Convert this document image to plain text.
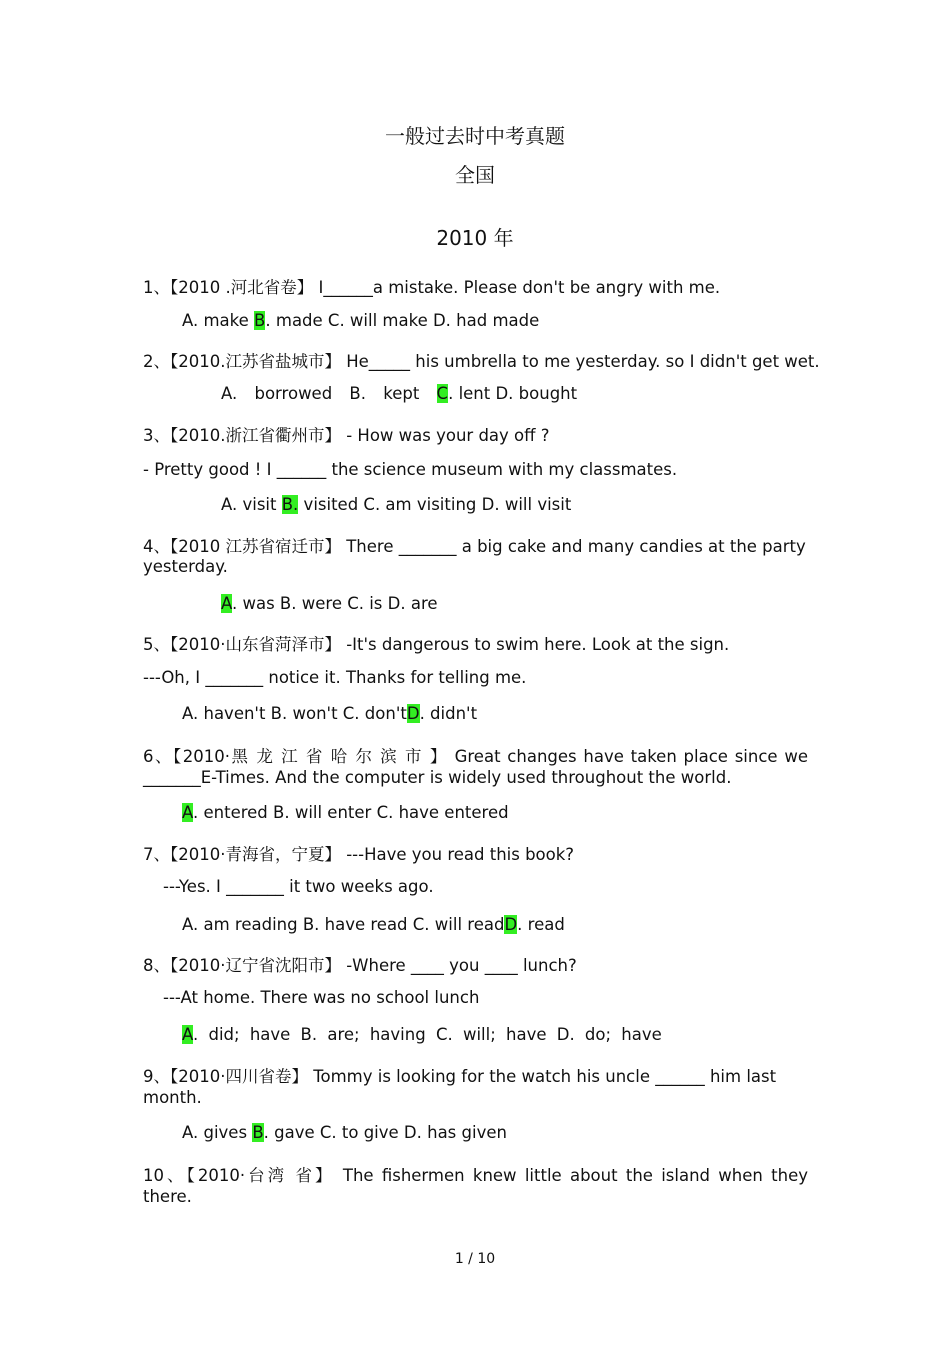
一般过去时中考真题
全国
2010 年
1、【2010 .河北省卷】 I______a mistake. Please don't be angry with me.
A. make B. made C. will make D. had made
2、【2010.江苏省盐城市】 He_____ his umbrella to me yesterday. so I didn't get wet.
A. borrowed B. kept C. lent D. bought
3、【2010.浙江省衢州市】 - How was your day off ?
- Pretty good ! I ______ the science museum with my classmates.
A. visit B. visited C. am visiting D. will visit
4、【2010 江苏省宿迁市】 There _______ a big cake and many candies at the party
yesterday.
A. was B. were C. is D. are
5、【2010·山东省菏泽市】 -It's dangerous to swim here. Look at the sign.
---Oh, I _______ notice it. Thanks for telling me.
A. haven't B. won't C. don'tD. didn't
6、【2010·黑 龙 江 省 哈 尔 滨 市 】 Great changes have taken place since we
_______E-Times. And the computer is widely used throughout the world.
A. entered B. will enter C. have entered
7、【2010·青海省，宁夏】 ---Have you read this book?
---Yes. I _______ it two weeks ago.
A. am reading B. have read C. will readD. read
8、【2010·辽宁省沈阳市】 -Where ____ you ____ lunch?
---At home. There was no school lunch
A. did; have B. are; having C. will; have D. do; have
9、【2010·四川省卷】 Tommy is looking for the watch his uncle ______ him last
month.
A. gives B. gave C. to give D. has given
10、【2010·台湾 省】 The fishermen knew little about the island when they
there.
1 / 10
